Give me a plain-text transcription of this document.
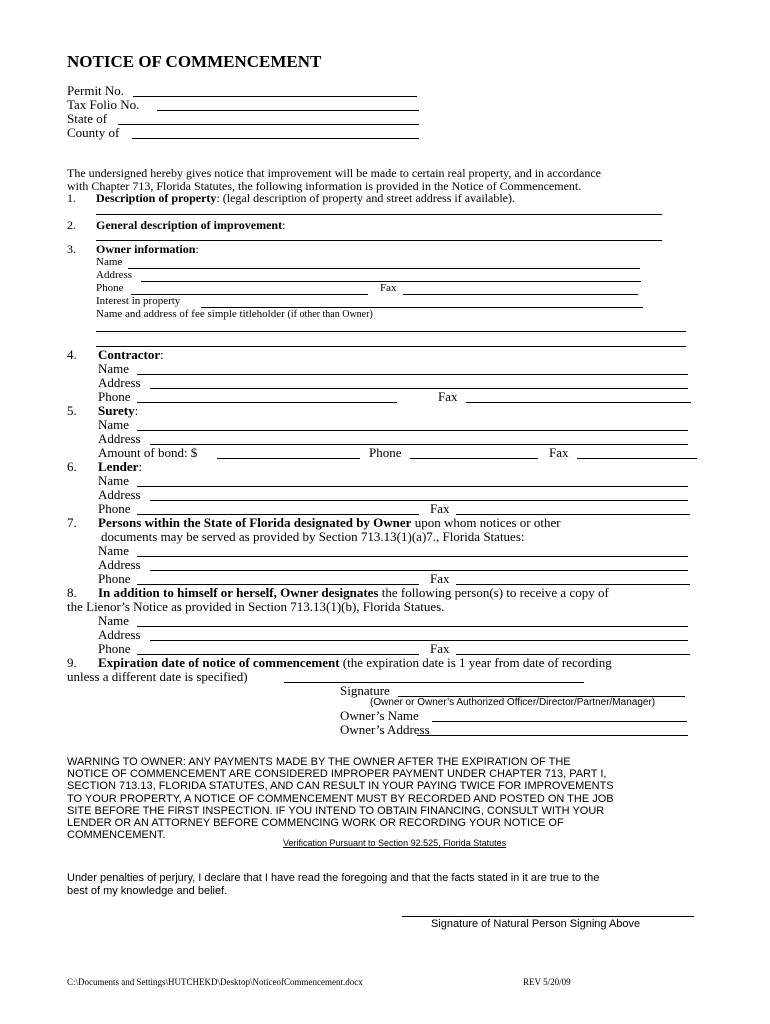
NOTICE OF COMMENCEMENT
Permit No.
Tax Folio No.
State of
County of
The undersigned hereby gives notice that improvement will be made to certain real property, and in accordance
with Chapter 713, Florida Statutes, the following information is provided in the Notice of Commencement.
1. Description of property: (legal description of property and street address if available).
2. General description of improvement:
3. Owner information:
Name
Address
Phone	Fax
Interest in property
Name and address of fee simple titleholder (if other than Owner)
4. Contractor:
Name
Address
Phone	Fax
5. Surety:
Name
Address
Amount of bond: $	Phone	Fax
6. Lender:
Name
Address
Phone	Fax
7. Persons within the State of Florida designated by Owner upon whom notices or other
documents may be served as provided by Section 713.13(1)(a)7., Florida Statues:
Name
Address
Phone	Fax
8. In addition to himself or herself, Owner designates the following person(s) to receive a copy of
the Lienor’s Notice as provided in Section 713.13(1)(b), Florida Statues.
Name
Address
Phone	Fax
9. Expiration date of notice of commencement (the expiration date is 1 year from date of recording
unless a different date is specified)
Signature
(Owner or Owner’s Authorized Officer/Director/Partner/Manager)
Owner’s Name
Owner’s Address
WARNING TO OWNER: ANY PAYMENTS MADE BY THE OWNER AFTER THE EXPIRATION OF THE
NOTICE OF COMMENCEMENT ARE CONSIDERED IMPROPER PAYMENT UNDER CHAPTER 713, PART I,
SECTION 713.13, FLORIDA STATUTES, AND CAN RESULT IN YOUR PAYING TWICE FOR IMPROVEMENTS
TO YOUR PROPERTY, A NOTICE OF COMMENCEMENT MUST BY RECORDED AND POSTED ON THE JOB
SITE BEFORE THE FIRST INSPECTION. IF YOU INTEND TO OBTAIN FINANCING, CONSULT WITH YOUR
LENDER OR AN ATTORNEY BEFORE COMMENCING WORK OR RECORDING YOUR NOTICE OF
COMMENCEMENT.
Verification Pursuant to Section 92.525, Florida Statutes
Under penalties of perjury, I declare that I have read the foregoing and that the facts stated in it are true to the
best of my knowledge and belief.
Signature of Natural Person Signing Above
C:\Documents and Settings\HUTCHEKD\Desktop\NoticeofCommencement.docx	REV 5/20/09
